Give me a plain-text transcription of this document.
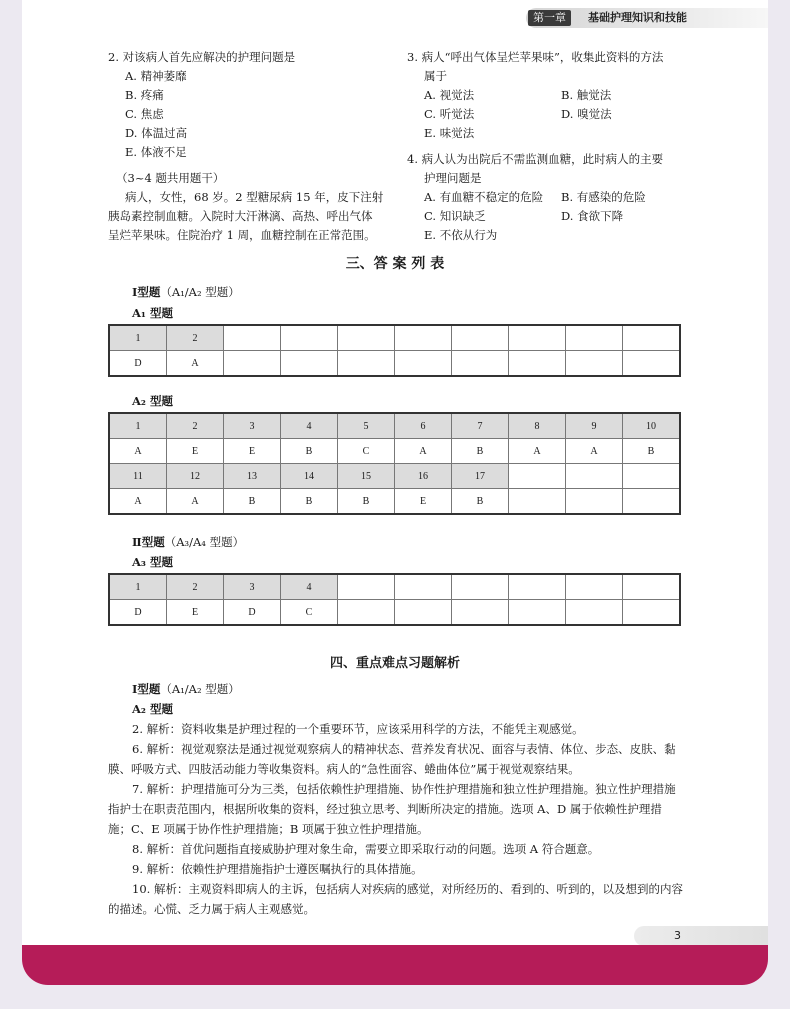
第一章	基础护理知识和技能
2. 对该病人首先应解决的护理问题是
A. 精神萎靡
B. 疼痛
C. 焦虑
D. 体温过高
E. 体液不足
（3~4 题共用题干）
病人，女性，68 岁。2 型糖尿病 15 年，皮下注射
胰岛素控制血糖。入院时大汗淋漓、高热、呼出气体
呈烂苹果味。住院治疗 1 周，血糖控制在正常范围。
3. 病人“呼出气体呈烂苹果味”，收集此资料的方法
属于
A. 视觉法	B. 触觉法
C. 听觉法	D. 嗅觉法
E. 味觉法
4. 病人认为出院后不需监测血糖，此时病人的主要
护理问题是
A. 有血糖不稳定的危险	B. 有感染的危险
C. 知识缺乏	D. 食欲下降
E. 不依从行为
三、答 案 列 表
Ⅰ型题（A₁/A₂ 型题）
A₁ 型题
1	2								
D	A								
A₂ 型题
1	2	3	4	5	6	7	8	9	10
A	E	E	B	C	A	B	A	A	B
11	12	13	14	15	16	17			
A	A	B	B	B	E	B			
Ⅱ型题（A₃/A₄ 型题）
A₃ 型题
1	2	3	4						
D	E	D	C						
四、重点难点习题解析
Ⅰ型题（A₁/A₂ 型题）
A₂ 型题

2. 解析：资料收集是护理过程的一个重要环节，应该采用科学的方法，不能凭主观感觉。

6. 解析：视觉观察法是通过视觉观察病人的精神状态、营养发育状况、面容与表情、体位、步态、皮肤、黏膜、呼吸方式、四肢活动能力等收集资料。病人的“急性面容、蜷曲体位”属于视觉观察结果。

7. 解析：护理措施可分为三类，包括依赖性护理措施、协作性护理措施和独立性护理措施。独立性护理措施指护士在职责范围内，根据所收集的资料，经过独立思考、判断所决定的措施。选项 A、D 属于依赖性护理措施；C、E 项属于协作性护理措施；B 项属于独立性护理措施。

8. 解析：首优问题指直接威胁护理对象生命，需要立即采取行动的问题。选项 A 符合题意。

9. 解析：依赖性护理措施指护士遵医嘱执行的具体措施。

10. 解析：主观资料即病人的主诉，包括病人对疾病的感觉，对所经历的、看到的、听到的，以及想到的内容的描述。心慌、乏力属于病人主观感觉。

3
